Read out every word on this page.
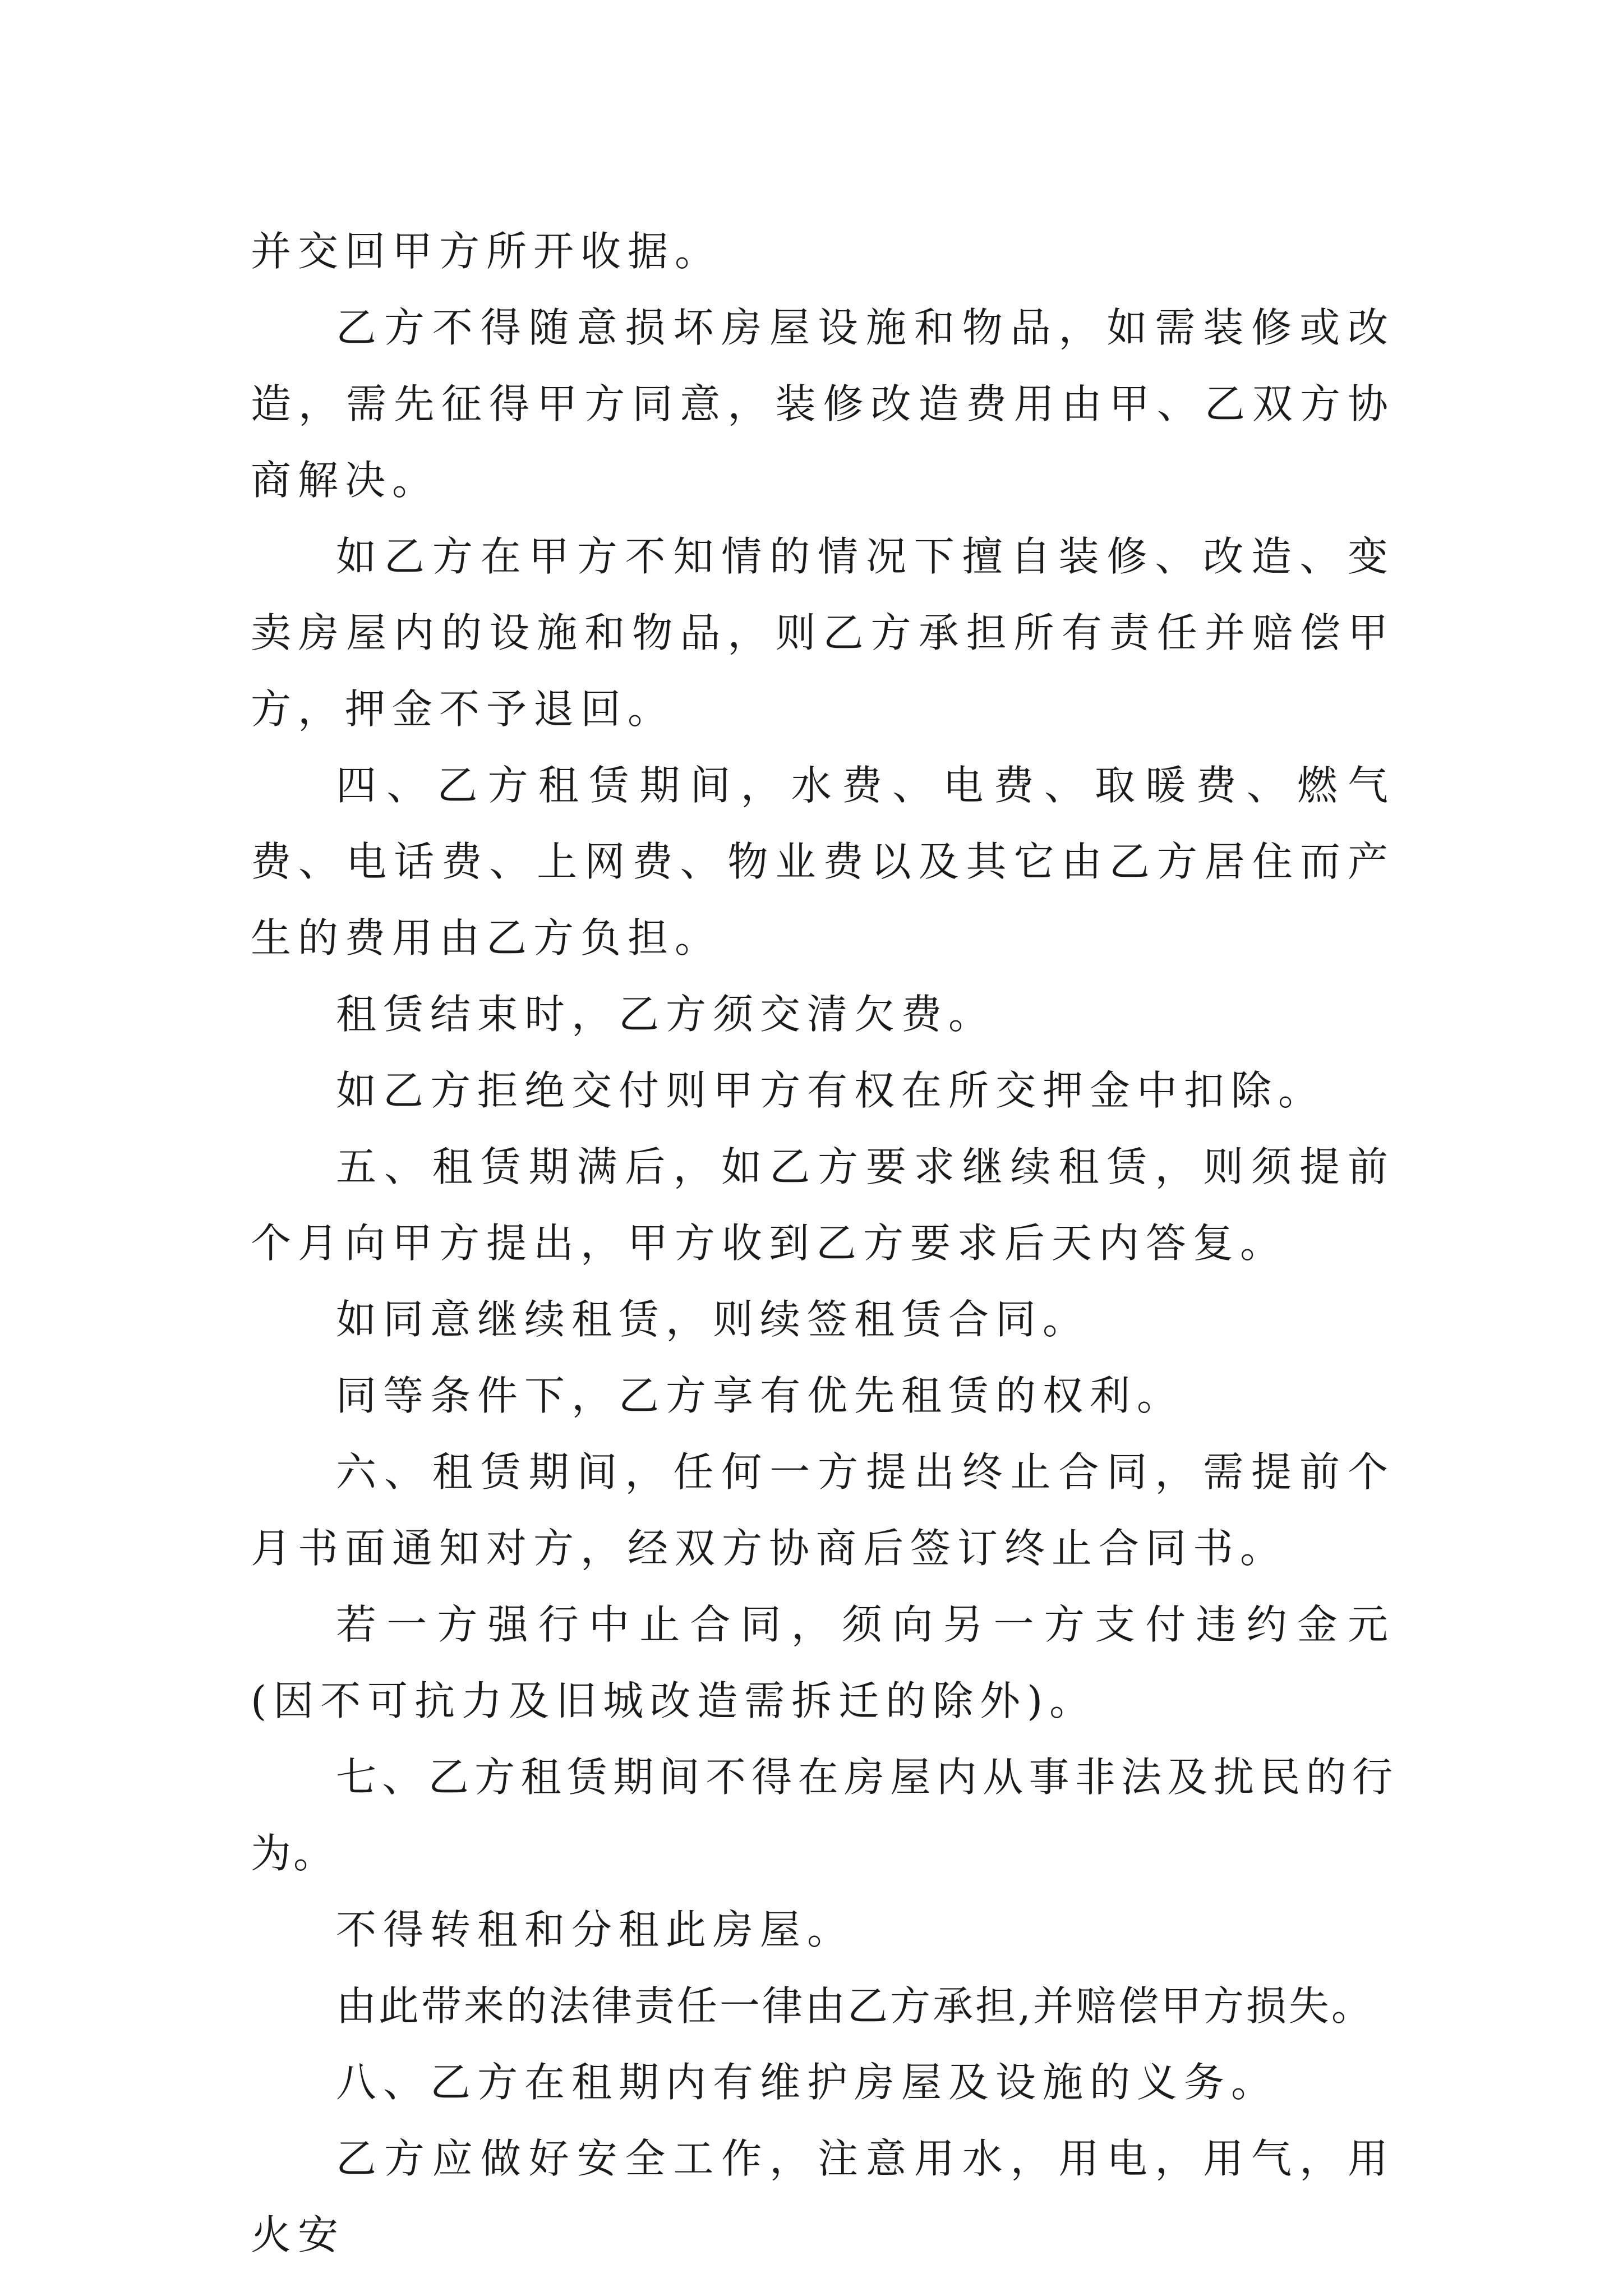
并交回甲方所开收据。

乙方不得随意损坏房屋设施和物品，如需装修或改造，需先征得甲方同意，装修改造费用由甲、乙双方协商解决。

如乙方在甲方不知情的情况下擅自装修、改造、变卖房屋内的设施和物品，则乙方承担所有责任并赔偿甲方，押金不予退回。

四、乙方租赁期间，水费、电费、取暖费、燃气费、电话费、上网费、物业费以及其它由乙方居住而产生的费用由乙方负担。

租赁结束时，乙方须交清欠费。

如乙方拒绝交付则甲方有权在所交押金中扣除。

五、租赁期满后，如乙方要求继续租赁，则须提前个月向甲方提出，甲方收到乙方要求后天内答复。

如同意继续租赁，则续签租赁合同。

同等条件下，乙方享有优先租赁的权利。

六、租赁期间，任何一方提出终止合同，需提前个月书面通知对方，经双方协商后签订终止合同书。

若一方强行中止合同，须向另一方支付违约金元(因不可抗力及旧城改造需拆迁的除外)。

七、乙方租赁期间不得在房屋内从事非法及扰民的行为。

不得转租和分租此房屋。

由此带来的法律责任一律由乙方承担,并赔偿甲方损失。

八、乙方在租期内有维护房屋及设施的义务。

乙方应做好安全工作，注意用水，用电，用气，用火安
